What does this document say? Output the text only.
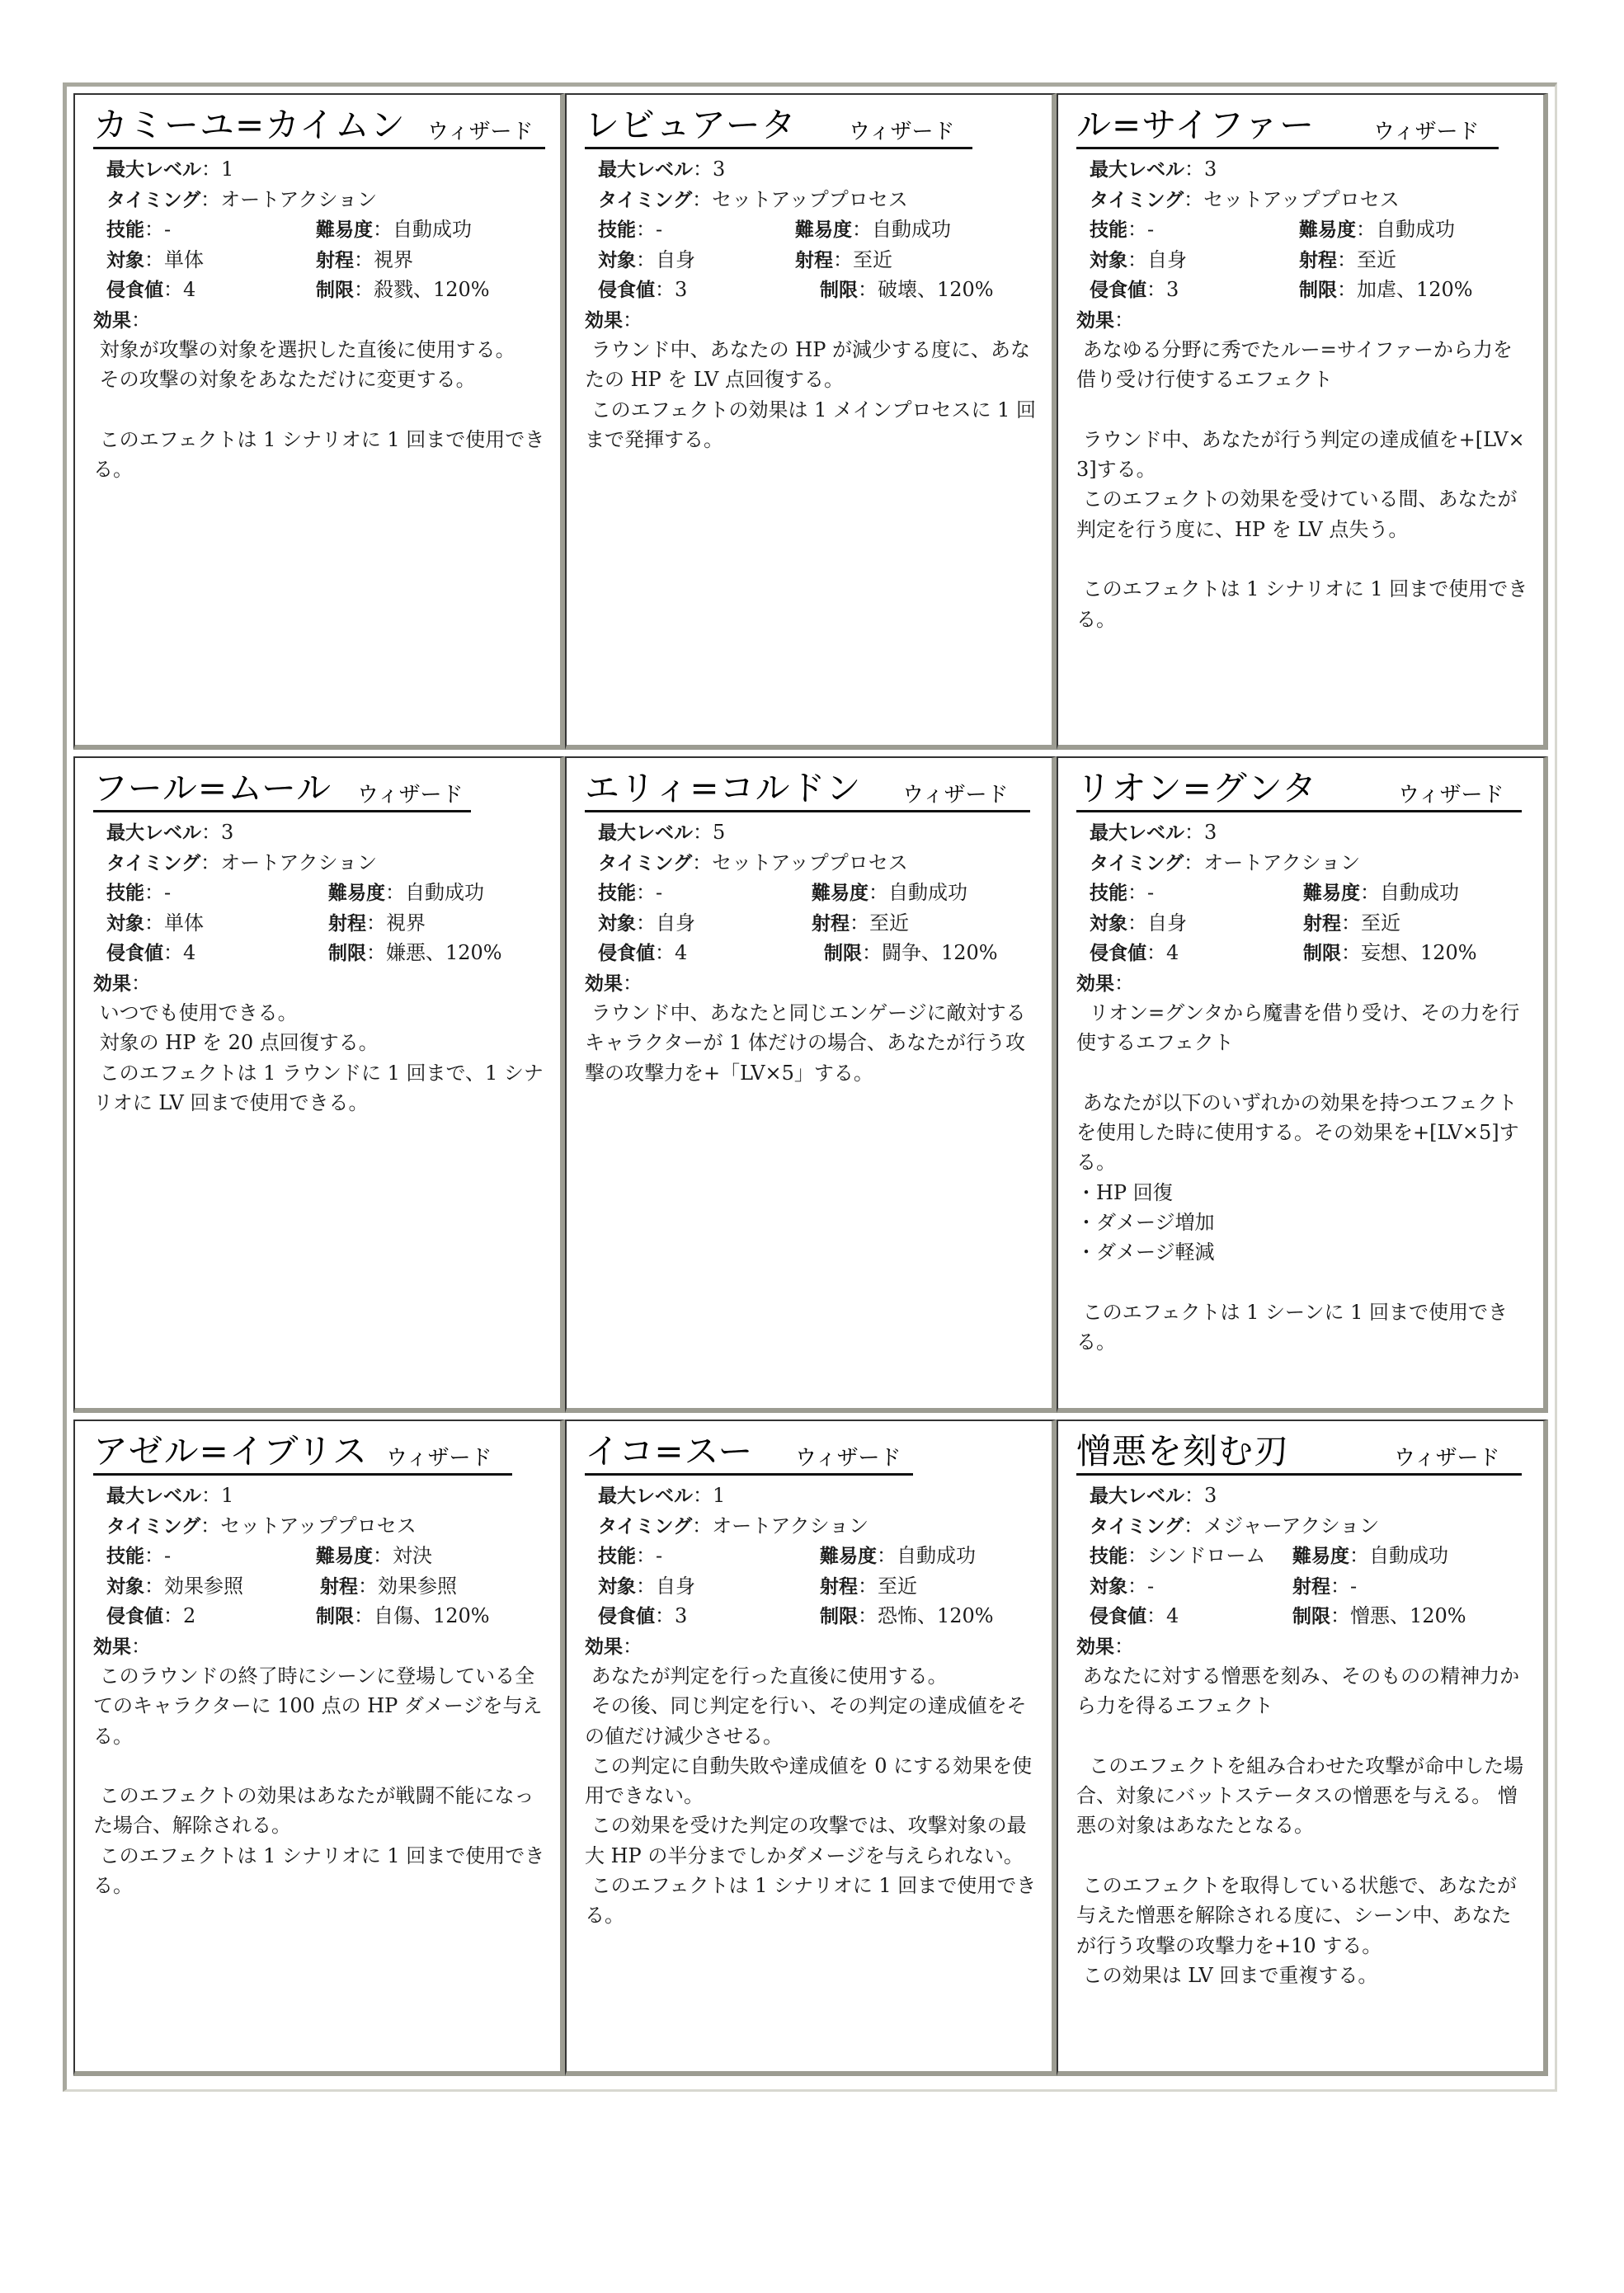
カミーユ=カイムン ウィザード
最大レベル：1
タイミング：オートアクション
技能：-	難易度：自動成功
対象：単体	射程：視界
侵食値：4	制限：殺戮、120%
効果：
対象が攻撃の対象を選択した直後に使用する。
その攻撃の対象をあなただけに変更する。

このエフェクトは 1 シナリオに 1 回まで使用できる。
レビュアータ ウィザード
最大レベル：3
タイミング：セットアッププロセス
技能：-	難易度：自動成功
対象：自身	射程：至近
侵食値：3	制限：破壊、120%
効果：
ラウンド中、あなたの HP が減少する度に、あなたの HP を LV 点回復する。
このエフェクトの効果は 1 メインプロセスに 1 回まで発揮する。
ル=サイファー	ウィザード
最大レベル：3
タイミング：セットアッププロセス
技能：-	難易度：自動成功
対象：自身	射程：至近
侵食値：3	制限：加虐、120%
効果：
あなゆる分野に秀でたルー=サイファーから力を借り受け行使するエフェクト

ラウンド中、あなたが行う判定の達成値を+[LV×3]する。
このエフェクトの効果を受けている間、あなたが判定を行う度に、HP を LV 点失う。

このエフェクトは 1 シナリオに 1 回まで使用できる。
フール=ムール ウィザード
最大レベル：3
タイミング：オートアクション
技能：-	難易度：自動成功
対象：単体	射程：視界
侵食値：4	制限：嫌悪、120%
効果：
いつでも使用できる。
対象の HP を 20 点回復する。
このエフェクトは 1 ラウンドに 1 回まで、1 シナリオに LV 回まで使用できる。
エリィ=コルドン ウィザード
最大レベル：5
タイミング：セットアッププロセス
技能：-	難易度：自動成功
対象：自身	射程：至近
侵食値：4	制限：闘争、120%
効果：
ラウンド中、あなたと同じエンゲージに敵対するキャラクターが 1 体だけの場合、あなたが行う攻撃の攻撃力を+「LV×5」する。
リオン=グンタ	ウィザード
最大レベル：3
タイミング：オートアクション
技能：-	難易度：自動成功
対象：自身	射程：至近
侵食値：4	制限：妄想、120%
効果：
リオン=グンタから魔書を借り受け、その力を行使するエフェクト

あなたが以下のいずれかの効果を持つエフェクトを使用した時に使用する。その効果を+[LV×5]する。
・HP 回復
・ダメージ増加
・ダメージ軽減

このエフェクトは 1 シーンに 1 回まで使用できる。
アゼル=イブリス ウィザード
最大レベル：1
タイミング：セットアッププロセス
技能：-	難易度：対決
対象：効果参照	射程：効果参照
侵食値：2	制限：自傷、120%
効果：
このラウンドの終了時にシーンに登場している全てのキャラクターに 100 点の HP ダメージを与える。

このエフェクトの効果はあなたが戦闘不能になった場合、解除される。
このエフェクトは 1 シナリオに 1 回まで使用できる。
イコ=スー ウィザード
最大レベル：1
タイミング：オートアクション
技能：-	難易度：自動成功
対象：自身	射程：至近
侵食値：3	制限：恐怖、120%
効果：
あなたが判定を行った直後に使用する。
その後、同じ判定を行い、その判定の達成値をその値だけ減少させる。
この判定に自動失敗や達成値を 0 にする効果を使用できない。
この効果を受けた判定の攻撃では、攻撃対象の最大 HP の半分までしかダメージを与えられない。
このエフェクトは 1 シナリオに 1 回まで使用できる。
憎悪を刻む刃	ウィザード
最大レベル：3
タイミング：メジャーアクション
技能：シンドローム 難易度：自動成功
対象：-	射程：-
侵食値：4	制限：憎悪、120%
効果：
あなたに対する憎悪を刻み、そのものの精神力から力を得るエフェクト

このエフェクトを組み合わせた攻撃が命中した場合、対象にバットステータスの憎悪を与える。 憎悪の対象はあなたとなる。

このエフェクトを取得している状態で、あなたが与えた憎悪を解除される度に、シーン中、あなたが行う攻撃の攻撃力を+10 する。
この効果は LV 回まで重複する。
